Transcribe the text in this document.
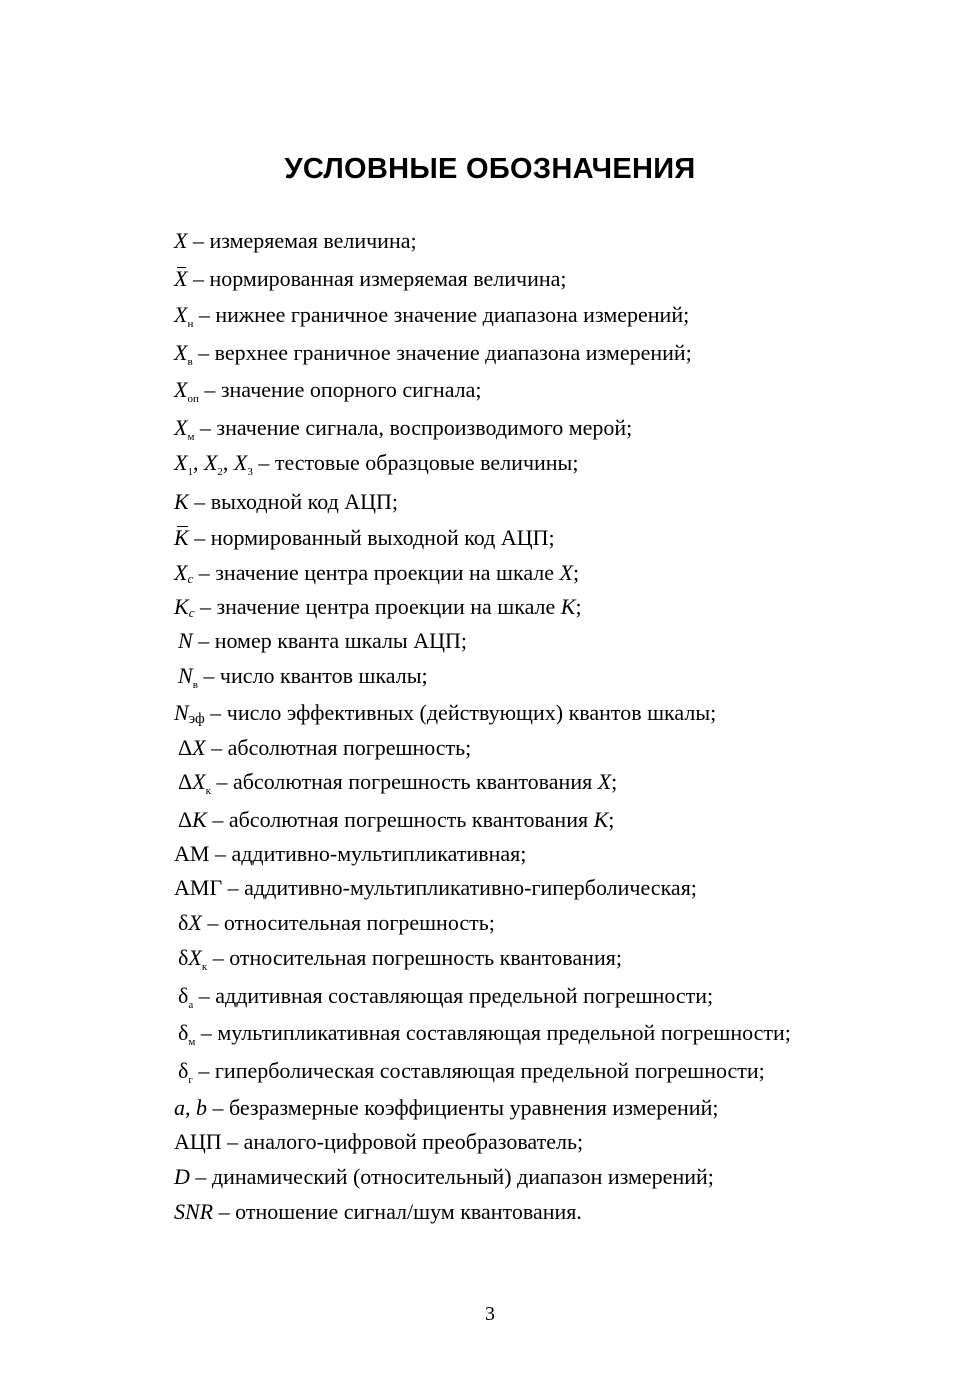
УСЛОВНЫЕ ОБОЗНАЧЕНИЯ
X – измеряемая величина;
X – нормированная измеряемая величина;
$X_н$ – нижнее граничное значение диапазона измерений;
$X_в$ – верхнее граничное значение диапазона измерений;
$X_{оп}$ – значение опорного сигнала;
$X_м$ – значение сигнала, воспроизводимого мерой;
$X_1$, $X_2$, $X_3$ – тестовые образцовые величины;
K – выходной код АЦП;
K – нормированный выходной код АЦП;
Xc – значение центра проекции на шкале X;
Kc – значение центра проекции на шкале K;
N – номер кванта шкалы АЦП;
$N_в$ – число квантов шкалы;
Nэф – число эффективных (действующих) квантов шкалы;
ΔX – абсолютная погрешность;
$\Delta X_к$ – абсолютная погрешность квантования X;
ΔK – абсолютная погрешность квантования K;
АМ – аддитивно-мультипликативная;
АМГ – аддитивно-мультипликативно-гиперболическая;
δX – относительная погрешность;
$\delta X_к$ – относительная погрешность квантования;
$\delta_а$ – аддитивная составляющая предельной погрешности;
$\delta_м$ – мультипликативная составляющая предельной погрешности;
$\delta_г$ – гиперболическая составляющая предельной погрешности;
a, b – безразмерные коэффициенты уравнения измерений;
АЦП – аналого-цифровой преобразователь;
D – динамический (относительный) диапазон измерений;
SNR – отношение сигнал/шум квантования.
3
